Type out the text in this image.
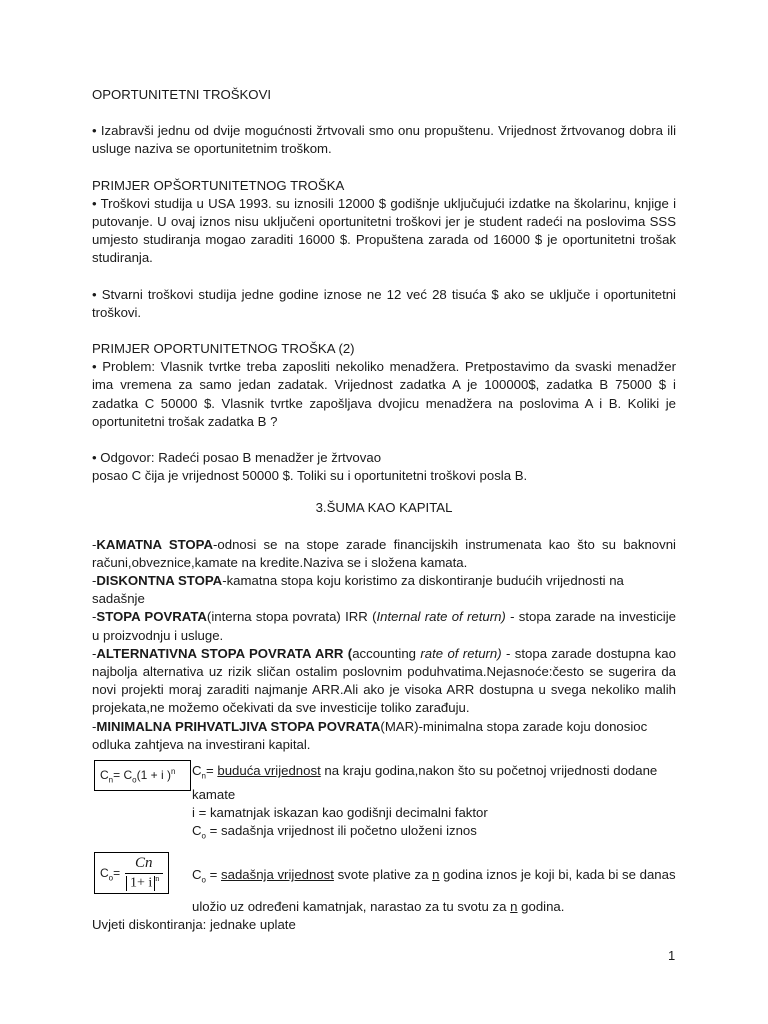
OPORTUNITETNI TROŠKOVI

• Izabravši jednu od dvije mogućnosti žrtvovali smo onu propuštenu. Vrijednost žrtvovanog dobra ili usluge naziva se oportunitetnim troškom.

PRIMJER OPŠORTUNITETNOG TROŠKA

• Troškovi studija u USA 1993. su iznosili 12000 $ godišnje uključujući izdatke na školarinu, knjige i putovanje. U ovaj iznos nisu uključeni oportunitetni troškovi jer je student radeći na poslovima SSS umjesto studiranja mogao zaraditi 16000 $. Propuštena zarada od 16000 $ je oportunitetni trošak studiranja.

• Stvarni troškovi studija jedne godine iznose ne 12 već 28 tisuća $ ako se uključe i oportunitetni troškovi.

PRIMJER OPORTUNITETNOG TROŠKA (2)

• Problem: Vlasnik tvrtke treba zaposliti nekoliko menadžera. Pretpostavimo da svaski menadžer ima vremena za samo jedan zadatak. Vrijednost zadatka A je 100000$, zadatka B 75000 $ i zadatka C 50000 $. Vlasnik tvrtke zapošljava dvojicu menadžera na poslovima A i B. Koliki je oportunitetni trošak zadatka B ?

• Odgovor: Radeći posao B menadžer je žrtvovao

posao C čija je vrijednost 50000 $. Toliki su i oportunitetni troškovi posla B.

3.ŠUMA KAO KAPITAL

-KAMATNA STOPA-odnosi se na stope zarade financijskih instrumenata kao što su baknovni računi,obveznice,kamate na kredite.Naziva se i složena kamata.

-DISKONTNA STOPA-kamatna stopa koju koristimo za diskontiranje budućih vrijednosti na sadašnje

-STOPA POVRATA(interna stopa povrata) IRR (Internal rate of return) - stopa zarade na investicije u proizvodnju i usluge.

-ALTERNATIVNA STOPA POVRATA ARR (accounting rate of return) - stopa zarade dostupna kao najbolja alternativa uz rizik sličan ostalim poslovnim poduhvatima.Nejasnoće:često se sugerira da novi projekti moraj zaraditi najmanje ARR.Ali ako je visoka ARR dostupna u svega nekoliko malih projekata,ne možemo očekivati da sve investicije toliko zarađuju.

-MINIMALNA PRIHVATLJIVA STOPA POVRATA(MAR)-minimalna stopa zarade koju donosioc odluka zahtjeva na investirani kapital.

$C_n= C_o(1 + i$ )$^n$ $C_n=$ buduća vrijednost na kraju godina,nakon što su početnoj vrijednosti dodane kamate

i = kamatnjak iskazan kao godišnji decimalni faktor

$C_o$ = sadašnja vrijednost ili početno uloženi iznos

$C_o=$
Cn
1+ i $^n$ $C_o$ = sadašnja vrijednost svote plative za n godina iznos je koji bi, kada bi se danas

uložio uz određeni kamatnjak, narastao za tu svotu za n godina.

Uvjeti diskontiranja: jednake uplate

1
